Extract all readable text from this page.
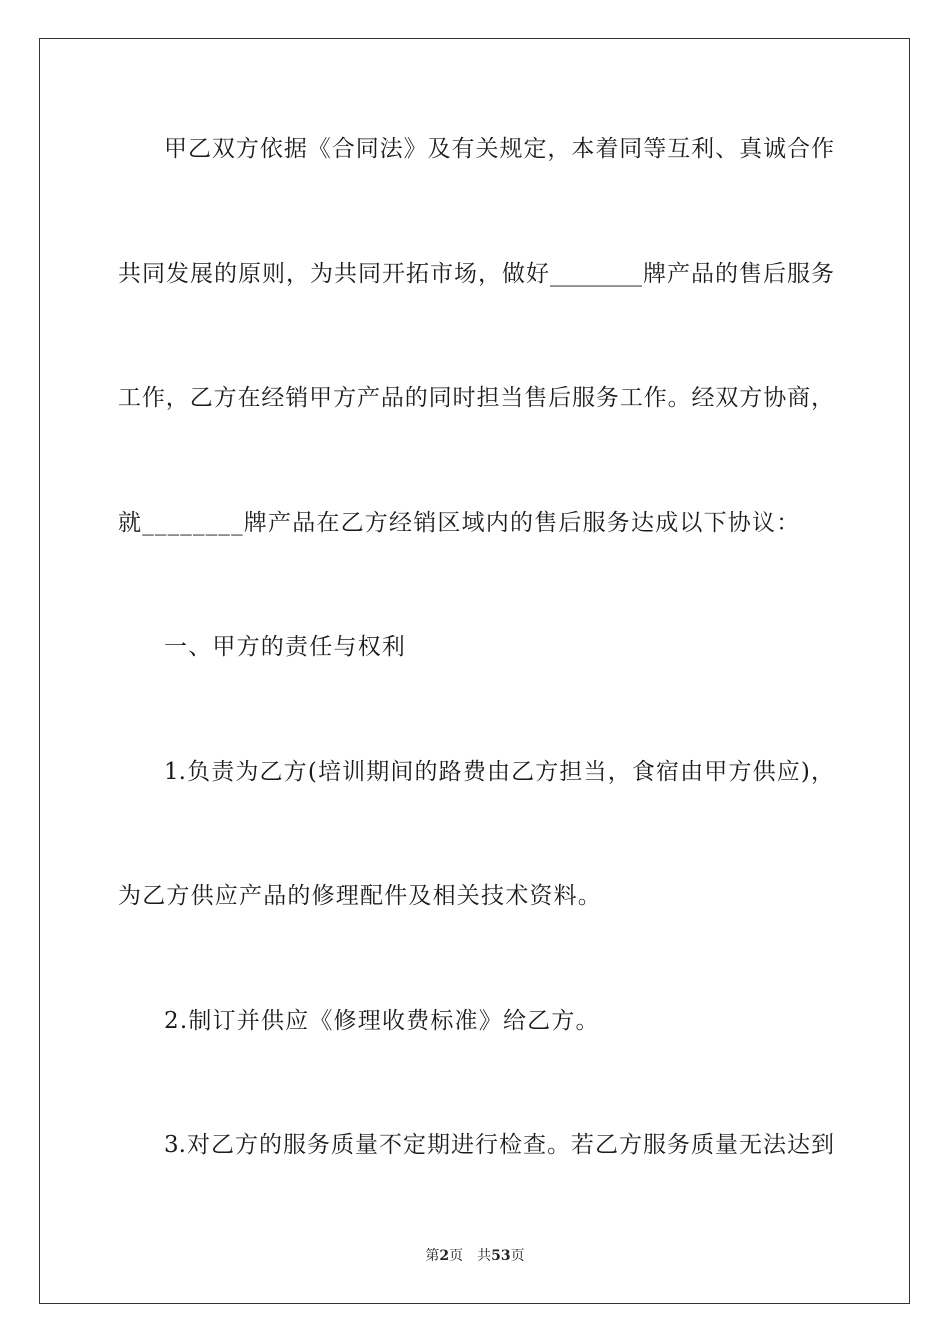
甲乙双方依据《合同法》及有关规定，本着同等互利、真诚合作
共同发展的原则，为共同开拓市场，做好________牌产品的售后服务
工作，乙方在经销甲方产品的同时担当售后服务工作。经双方协商，
就________牌产品在乙方经销区域内的售后服务达成以下协议：
一、甲方的责任与权利
1.负责为乙方(培训期间的路费由乙方担当，食宿由甲方供应)，
为乙方供应产品的修理配件及相关技术资料。
2.制订并供应《修理收费标准》给乙方。
3.对乙方的服务质量不定期进行检查。若乙方服务质量无法达到
第2页 共53页
